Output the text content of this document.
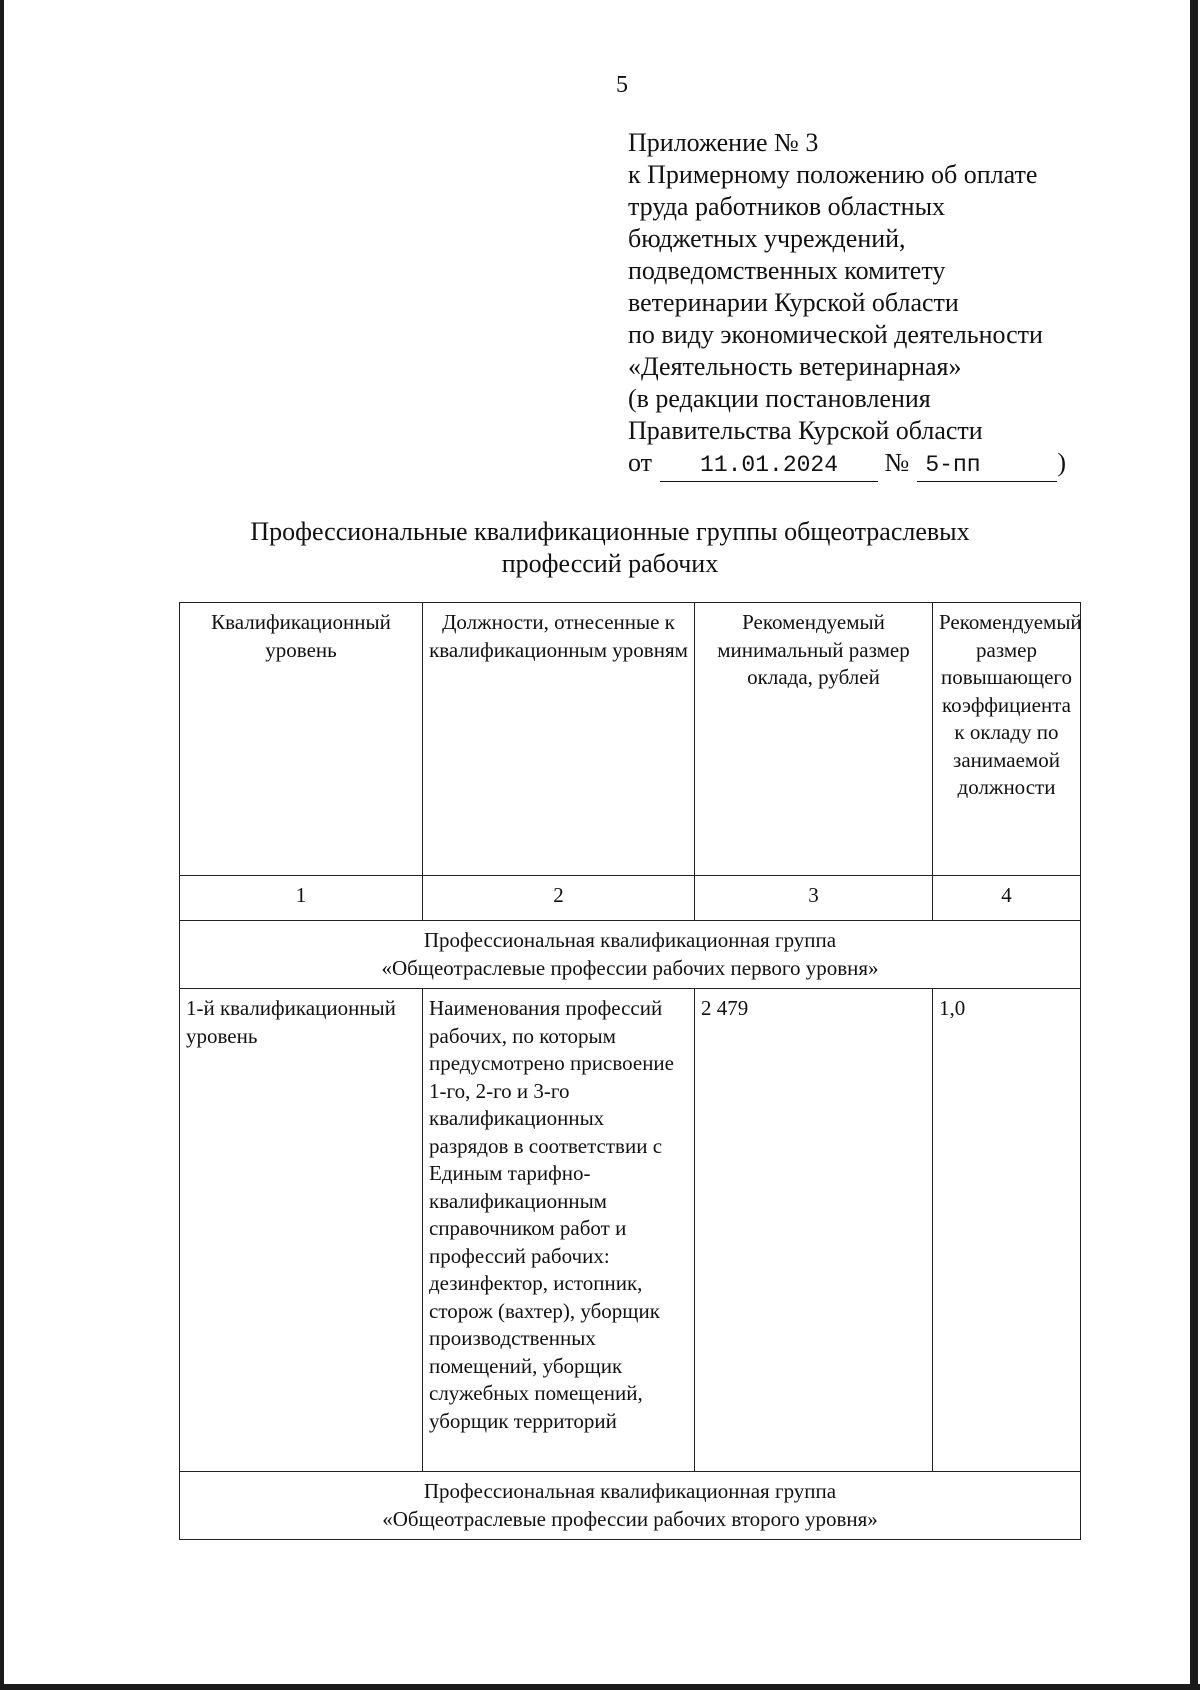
5
Приложение № 3
к Примерному положению об оплате
труда работников областных
бюджетных учреждений,
подведомственных комитету
ветеринарии Курской области
по виду экономической деятельности
«Деятельность ветеринарная»
(в редакции постановления
Правительства Курской области
от 11.01.2024 № 5-пп	)
Профессиональные квалификационные группы общеотраслевых
профессий рабочих
Квалификационный уровень	Должности, отнесенные к квалификационным уровням	Рекомендуемый минимальный размер оклада, рублей	Рекомендуемый размер повышающего коэффициента к окладу по занимаемой должности
1	2	3	4

Профессиональная квалификационная группа
«Общеотраслевые профессии рабочих первого уровня»			

1-й квалификационный уровень	Наименования профессий рабочих, по которым предусмотрено присвоение 1-го, 2-го и 3-го квалификационных разрядов в соответствии с Единым тарифно-квалификационным справочником работ и профессий рабочих: дезинфектор, истопник, сторож (вахтер), уборщик производственных помещений, уборщик служебных помещений, уборщик территорий	2 479	1,0

Профессиональная квалификационная группа
«Общеотраслевые профессии рабочих второго уровня»			
